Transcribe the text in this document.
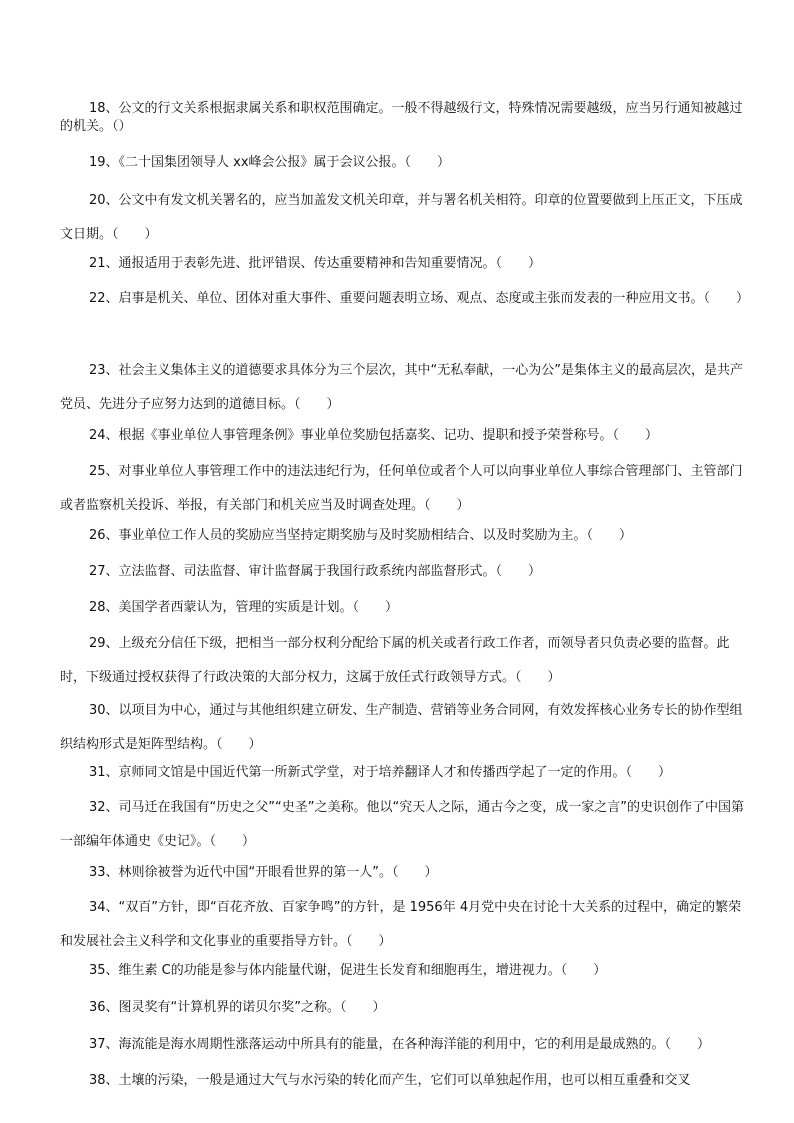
18、公文的行文关系根据隶属关系和职权范围确定。一般不得越级行文，特殊情况需要越级，应当另行通知被越过的机关。（）

19、《二十国集团领导人 xx峰会公报》属于会议公报。（　　）

20、公文中有发文机关署名的，应当加盖发文机关印章，并与署名机关相符。印章的位置要做到上压正文，下压成文日期。（　　）

21、通报适用于表彰先进、批评错误、传达重要精神和告知重要情况。（　　）

22、启事是机关、单位、团体对重大事件、重要问题表明立场、观点、态度或主张而发表的一种应用文书。（　　）

23、社会主义集体主义的道德要求具体分为三个层次，其中“无私奉献，一心为公”是集体主义的最高层次，是共产党员、先进分子应努力达到的道德目标。（　　）

24、根据《事业单位人事管理条例》事业单位奖励包括嘉奖、记功、提职和授予荣誉称号。（　　）

25、对事业单位人事管理工作中的违法违纪行为，任何单位或者个人可以向事业单位人事综合管理部门、主管部门或者监察机关投诉、举报，有关部门和机关应当及时调查处理。（　　）

26、事业单位工作人员的奖励应当坚持定期奖励与及时奖励相结合、以及时奖励为主。（　　）

27、立法监督、司法监督、审计监督属于我国行政系统内部监督形式。（　　）

28、美国学者西蒙认为，管理的实质是计划。（　　）

29、上级充分信任下级，把相当一部分权利分配给下属的机关或者行政工作者，而领导者只负责必要的监督。此时，下级通过授权获得了行政决策的大部分权力，这属于放任式行政领导方式。（　　）

30、以项目为中心，通过与其他组织建立研发、生产制造、营销等业务合同网，有效发挥核心业务专长的协作型组织结构形式是矩阵型结构。（　　）

31、京师同文馆是中国近代第一所新式学堂，对于培养翻译人才和传播西学起了一定的作用。（　　）

32、司马迁在我国有“历史之父”“史圣”之美称。他以“究天人之际，通古今之变，成一家之言”的史识创作了中国第一部编年体通史《史记》。（　　）

33、林则徐被誉为近代中国“开眼看世界的第一人”。（　　）

34、“双百”方针，即“百花齐放、百家争鸣”的方针，是 1956年 4月党中央在讨论十大关系的过程中，确定的繁荣和发展社会主义科学和文化事业的重要指导方针。（　　）

35、维生素 C的功能是参与体内能量代谢，促进生长发育和细胞再生，增进视力。（　　）

36、图灵奖有“计算机界的诺贝尔奖”之称。（　　）

37、海流能是海水周期性涨落运动中所具有的能量，在各种海洋能的利用中，它的利用是最成熟的。（　　）

38、土壤的污染，一般是通过大气与水污染的转化而产生，它们可以单独起作用，也可以相互重叠和交叉
